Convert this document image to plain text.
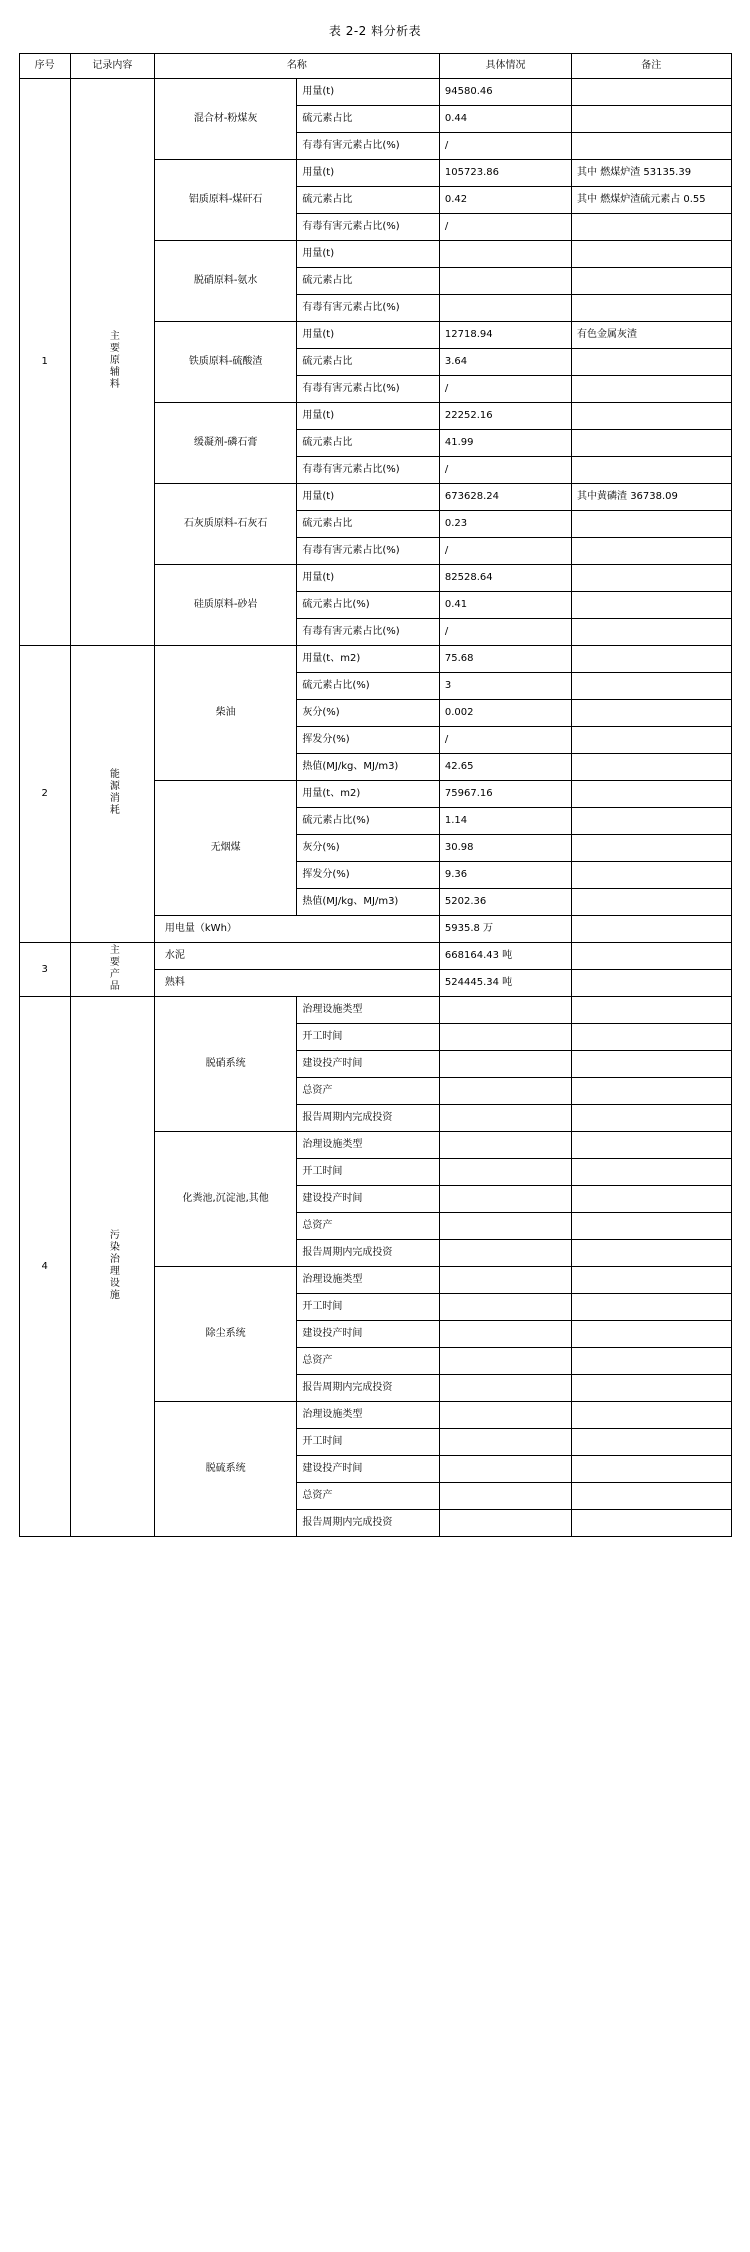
表 2-2 料分析表
序号	记录内容	名称		具体情况	备注
1	主要原辅料	混合材-粉煤灰	用量(t)	94580.46	
			硫元素占比	0.44	
			有毒有害元素占比(%)	/	
		铝质原料-煤矸石	用量(t)	105723.86	其中 燃煤炉渣 53135.39
			硫元素占比	0.42	其中 燃煤炉渣硫元素占 0.55
			有毒有害元素占比(%)	/	
		脱硝原料-氨水	用量(t)		
			硫元素占比		
			有毒有害元素占比(%)		
		铁质原料-硫酸渣	用量(t)	12718.94	有色金属灰渣
			硫元素占比	3.64	
			有毒有害元素占比(%)	/	
		缓凝剂-磷石膏	用量(t)	22252.16	
			硫元素占比	41.99	
			有毒有害元素占比(%)	/	
		石灰质原料-石灰石	用量(t)	673628.24	其中黄磷渣 36738.09
			硫元素占比	0.23	
			有毒有害元素占比(%)	/	
		硅质原料-砂岩	用量(t)	82528.64	
			硫元素占比(%)	0.41	
			有毒有害元素占比(%)	/	
2	能源消耗	柴油	用量(t、m2)	75.68	
			硫元素占比(%)	3	
			灰分(%)	0.002	
			挥发分(%)	/	
			热值(MJ/kg、MJ/m3)	42.65	
		无烟煤	用量(t、m2)	75967.16	
			硫元素占比(%)	1.14	
			灰分(%)	30.98	
			挥发分(%)	9.36	
			热值(MJ/kg、MJ/m3)	5202.36	
		用电量（kWh）		5935.8 万	
3	主要产品	水泥		668164.43 吨	
		熟料		524445.34 吨	
4	污染治理设施	脱硝系统	治理设施类型		
			开工时间		
			建设投产时间		
			总资产		
			报告周期内完成投资		
		化粪池,沉淀池,其他	治理设施类型		
			开工时间		
			建设投产时间		
			总资产		
			报告周期内完成投资		
		除尘系统	治理设施类型		
			开工时间		
			建设投产时间		
			总资产		
			报告周期内完成投资		
		脱硫系统	治理设施类型		
			开工时间		
			建设投产时间		
			总资产		
			报告周期内完成投资		
